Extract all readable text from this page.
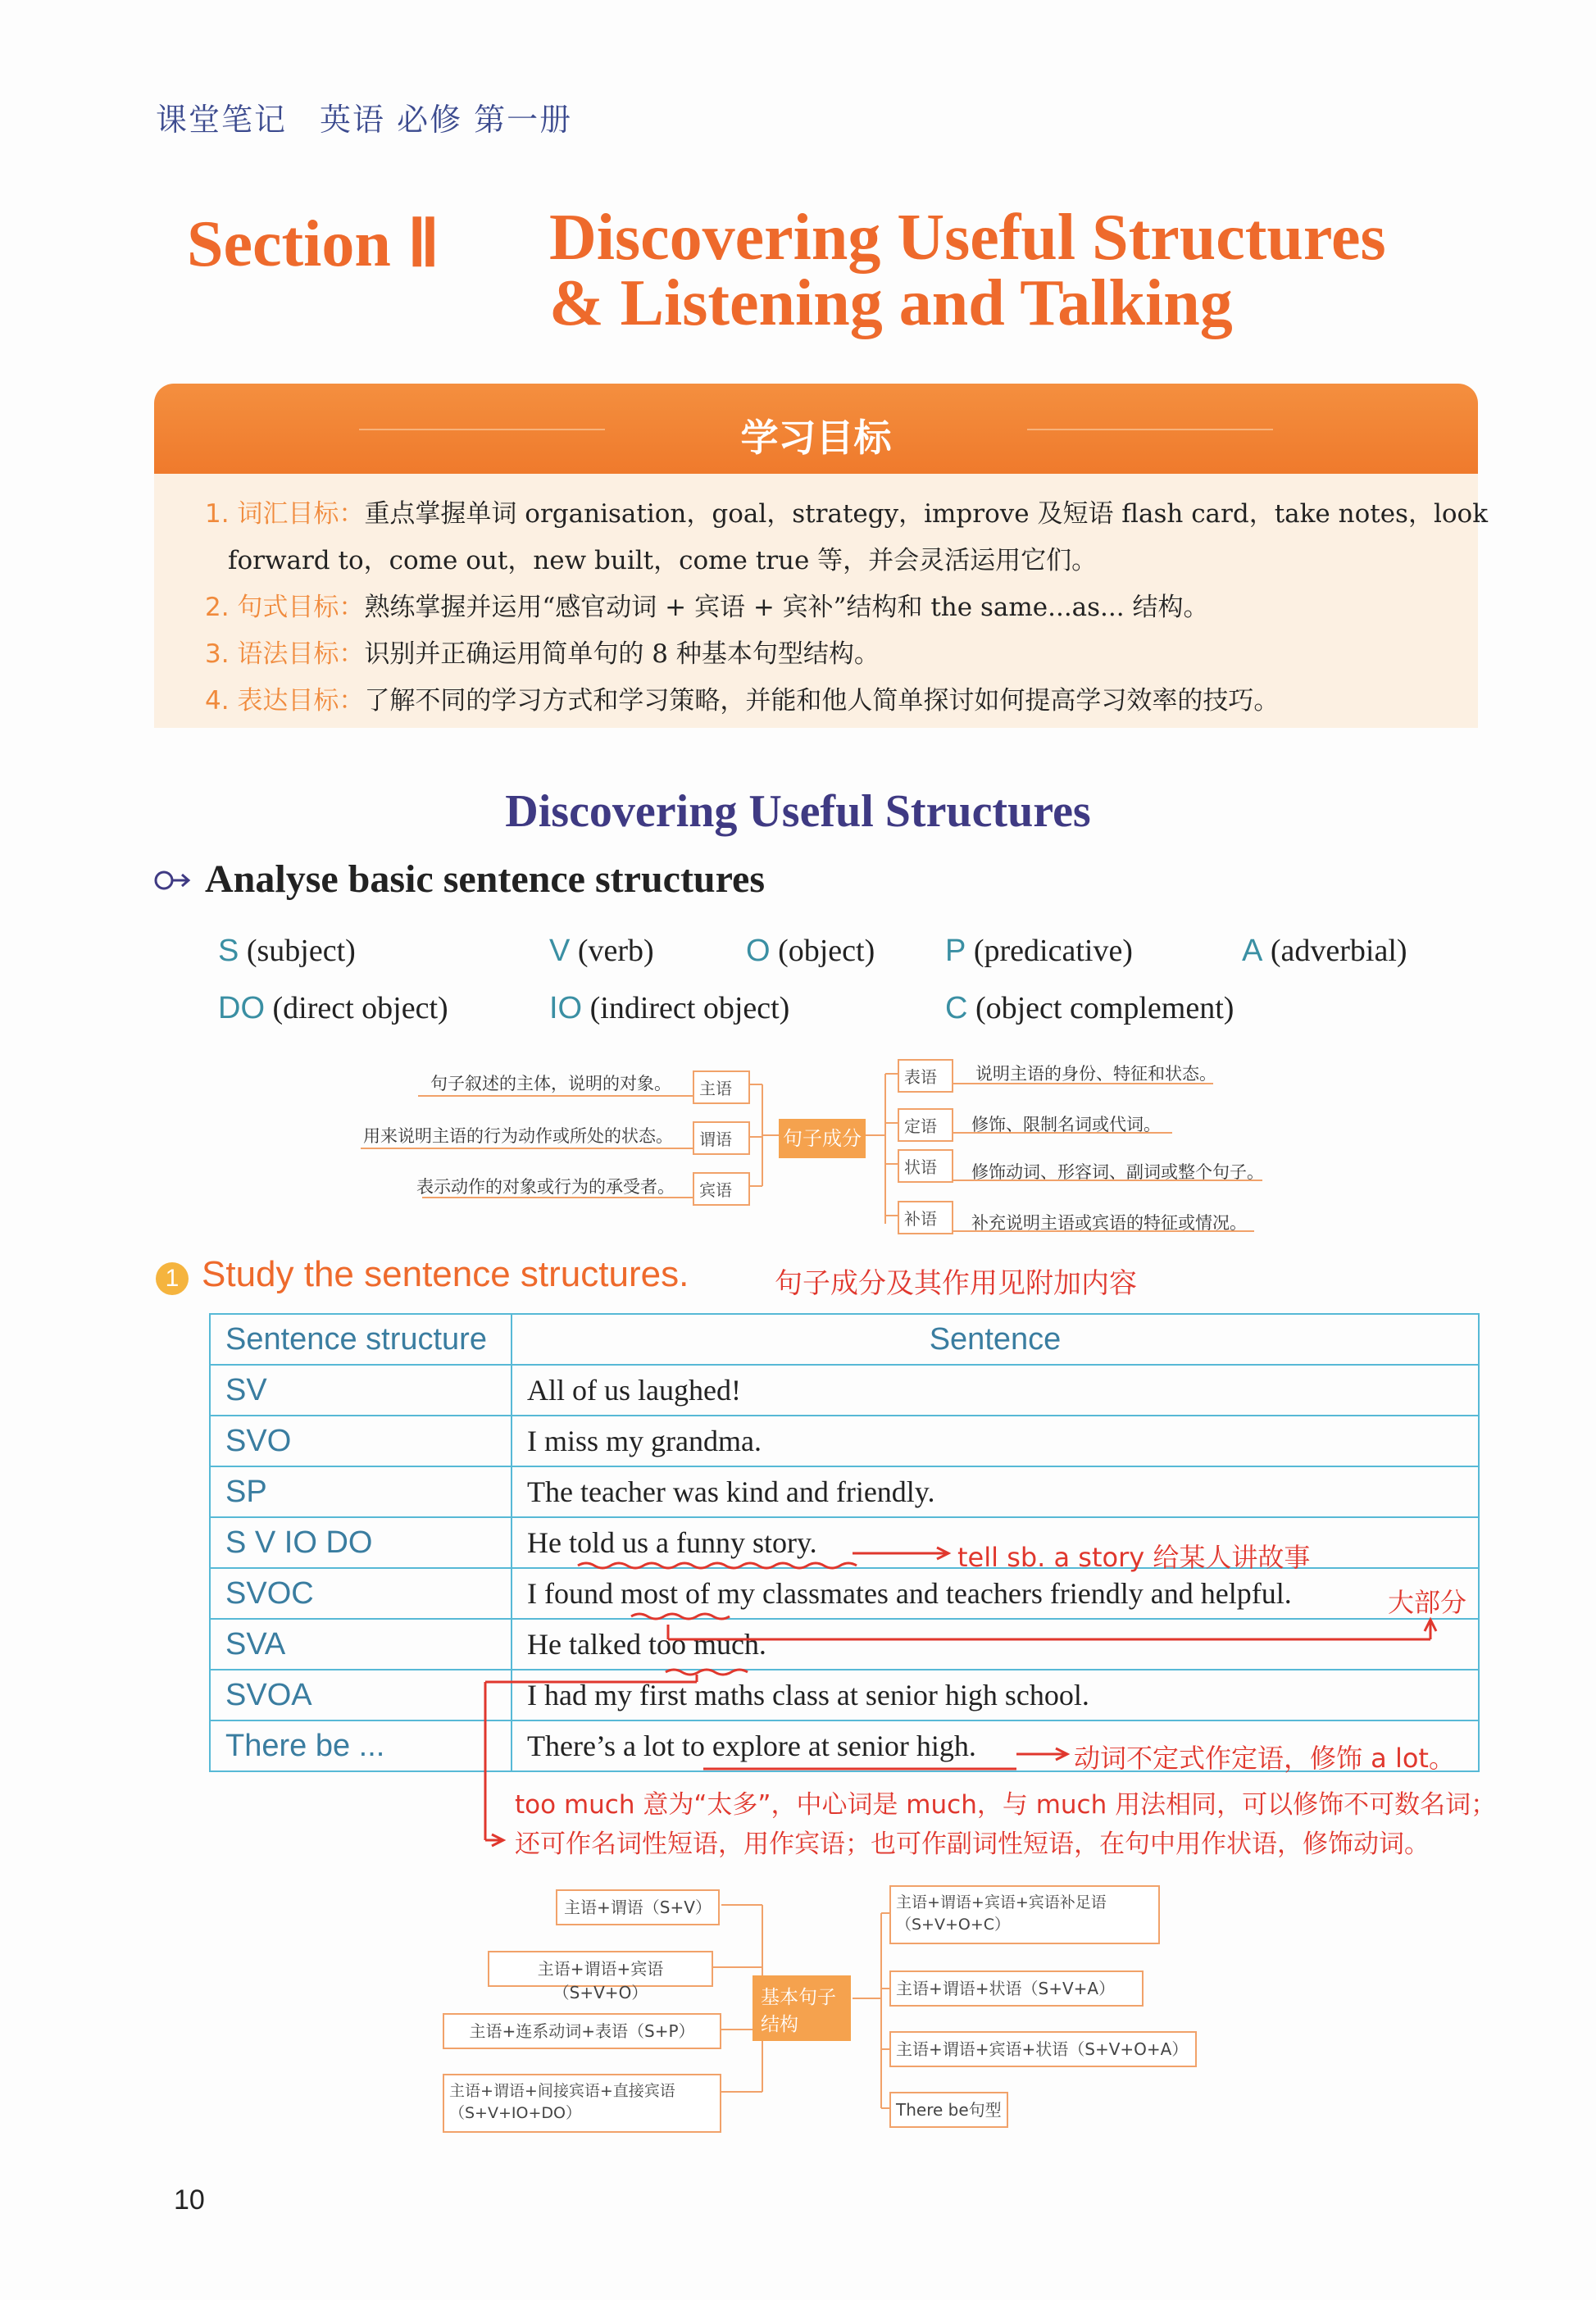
课堂笔记　英语 必修 第一册
Section Ⅱ Discovering Useful Structures
& Listening and Talking
学习目标
1. 词汇目标：重点掌握单词 organisation，goal，strategy，improve 及短语 flash card，take notes，look
forward to，come out，new built，come true 等，并会灵活运用它们。
2. 句式目标：熟练掌握并运用“感官动词 + 宾语 + 宾补”结构和 the same...as... 结构。
3. 语法目标：识别并正确运用简单句的 8 种基本句型结构。
4. 表达目标：了解不同的学习方式和学习策略，并能和他人简单探讨如何提高学习效率的技巧。
Discovering Useful Structures
Analyse basic sentence structures
S (subject)	V (verb)	O (object) P (predicative)	A (adverbial)
DO (direct object)	IO (indirect object)	C (object complement)
句子叙述的主体，说明的对象。	主语
用来说明主语的行为动作或所处的状态。	谓语
表示动作的对象或行为的承受者。	宾语
句子成分
表语	说明主语的身份、特征和状态。
定语	修饰、限制名词或代词。
状语	修饰动词、形容词、副词或整个句子。
补语	补充说明主语或宾语的特征或情况。
1 Study the sentence structures.	句子成分及其作用见附加内容
Sentence structure	Sentence
SV	All of us laughed!
SVO	I miss my grandma.
SP	The teacher was kind and friendly.
S V IO DO	He told us a funny story.
SVOC	I found most of my classmates and teachers friendly and helpful.
SVA	He talked too much.
SVOA	I had my first maths class at senior high school.
There be ...	There’s a lot to explore at senior high.
tell sb. a story 给某人讲故事
大部分
动词不定式作定语，修饰 a lot。
too much 意为“太多”，中心词是 much，与 much 用法相同，可以修饰不可数名词；
还可作名词性短语，用作宾语；也可作副词性短语，在句中用作状语，修饰动词。
主语+谓语（S+V）
主语+谓语+宾语（S+V+O）
主语+连系动词+表语（S+P）
主语+谓语+间接宾语+直接宾语（S+V+IO+DO）
基本句子结构
主语+谓语+宾语+宾语补足语（S+V+O+C）
主语+谓语+状语（S+V+A）
主语+谓语+宾语+状语（S+V+O+A）
There be句型
10
